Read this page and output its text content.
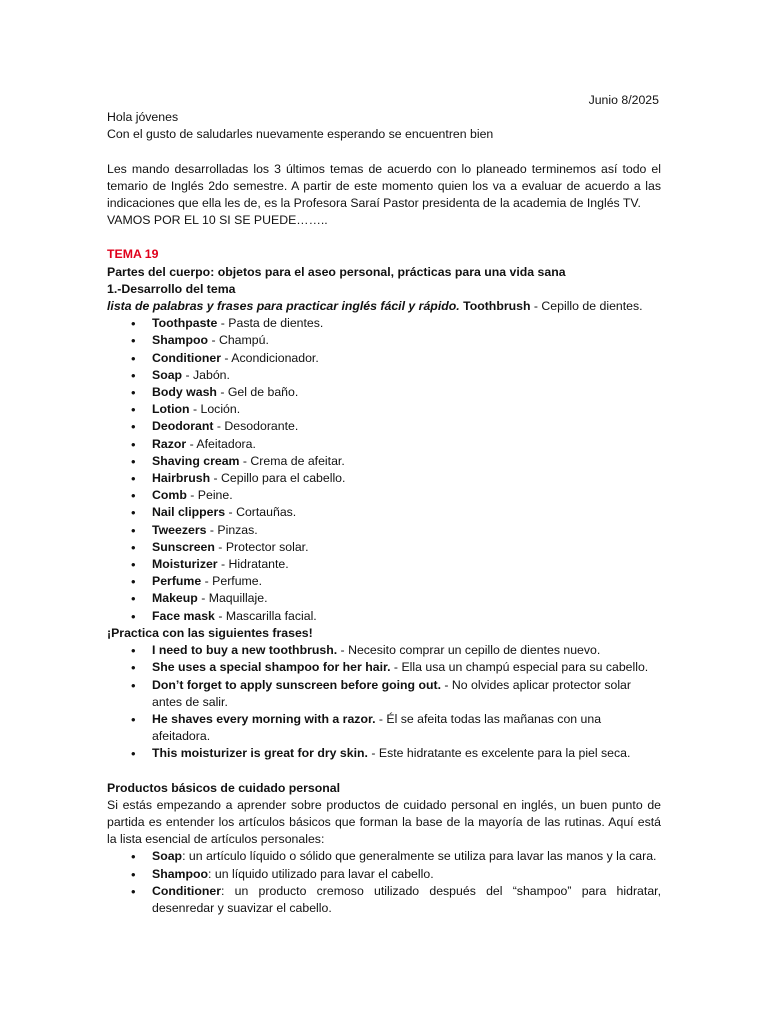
Junio 8/2025

Hola jóvenes

Con el gusto de saludarles nuevamente esperando se encuentren bien

Les mando desarrolladas los 3 últimos temas de acuerdo con lo planeado terminemos así todo el temario de Inglés 2do semestre. A partir de este momento quien los va a evaluar de acuerdo a las indicaciones que ella les de, es la Profesora Saraí Pastor presidenta de la academia de Inglés TV.

VAMOS POR EL 10 SI SE PUEDE……..

TEMA 19

Partes del cuerpo: objetos para el aseo personal, prácticas para una vida sana

1.-Desarrollo del tema

lista de palabras y frases para practicar inglés fácil y rápido. Toothbrush - Cepillo de dientes.

• Toothpaste - Pasta de dientes.
• Shampoo - Champú.
• Conditioner - Acondicionador.
• Soap - Jabón.
• Body wash - Gel de baño.
• Lotion - Loción.
• Deodorant - Desodorante.
• Razor - Afeitadora.
• Shaving cream - Crema de afeitar.
• Hairbrush - Cepillo para el cabello.
• Comb - Peine.
• Nail clippers - Cortauñas.
• Tweezers - Pinzas.
• Sunscreen - Protector solar.
• Moisturizer - Hidratante.
• Perfume - Perfume.
• Makeup - Maquillaje.
• Face mask - Mascarilla facial.

¡Practica con las siguientes frases!

• I need to buy a new toothbrush. - Necesito comprar un cepillo de dientes nuevo.
• She uses a special shampoo for her hair. - Ella usa un champú especial para su cabello.
• Don’t forget to apply sunscreen before going out. - No olvides aplicar protector solar antes de salir.
• He shaves every morning with a razor. - Él se afeita todas las mañanas con una afeitadora.
• This moisturizer is great for dry skin. - Este hidratante es excelente para la piel seca.

Productos básicos de cuidado personal

Si estás empezando a aprender sobre productos de cuidado personal en inglés, un buen punto de partida es entender los artículos básicos que forman la base de la mayoría de las rutinas. Aquí está la lista esencial de artículos personales:

• Soap: un artículo líquido o sólido que generalmente se utiliza para lavar las manos y la cara.
• Shampoo: un líquido utilizado para lavar el cabello.
• Conditioner: un producto cremoso utilizado después del “shampoo” para hidratar, desenredar y suavizar el cabello.
